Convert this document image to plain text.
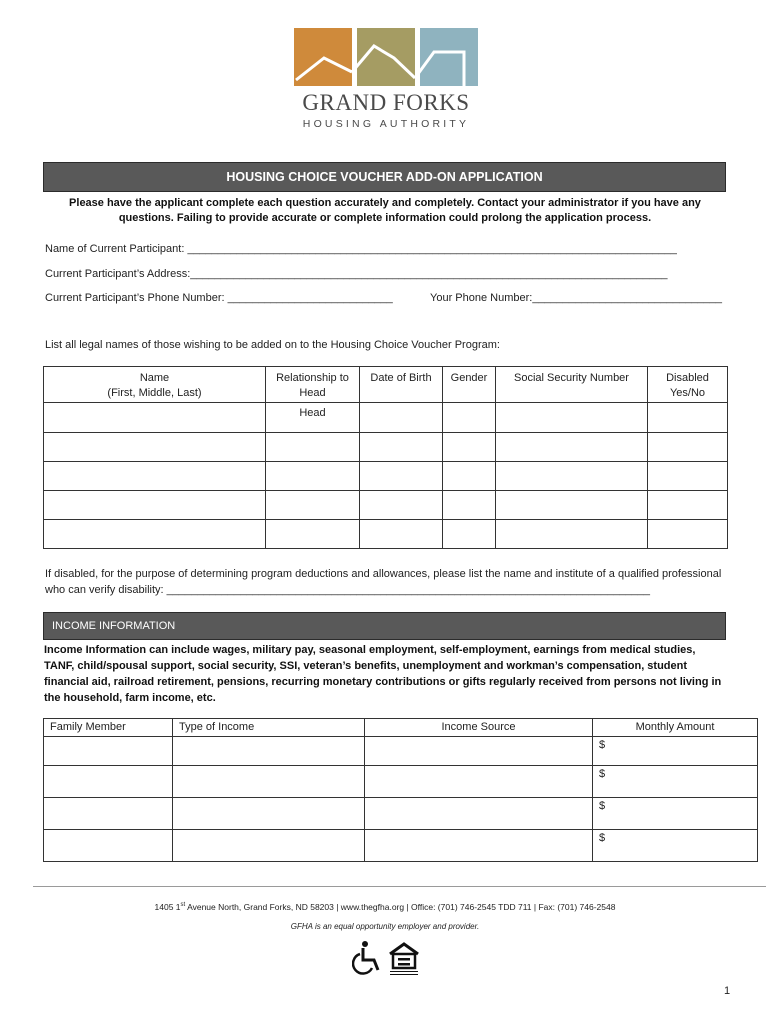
GRAND FORKS
HOUSING AUTHORITY
HOUSING CHOICE VOUCHER ADD-ON APPLICATION
Please have the applicant complete each question accurately and completely. Contact your administrator if you have any questions. Failing to provide accurate or complete information could prolong the application process.
Name of Current Participant: ________________________________________________________________________________
Current Participant’s Address:______________________________________________________________________________
Current Participant’s Phone Number: ___________________________	Your Phone Number:_______________________________
List all legal names of those wishing to be added on to the Housing Choice Voucher Program:
Name
(First, Middle, Last)	Relationship to Head	Date of Birth	Gender	Social Security Number	Disabled Yes/No
	Head				

If disabled, for the purpose of determining program deductions and allowances, please list the name and institute of a qualified professional who can verify disability: _______________________________________________________________________________
INCOME INFORMATION
Income Information can include wages, military pay, seasonal employment, self-employment, earnings from medical studies, TANF, child/spousal support, social security, SSI, veteran’s benefits, unemployment and workman’s compensation, student financial aid, railroad retirement, pensions, recurring monetary contributions or gifts regularly received from persons not living in the household, farm income, etc.
Family Member	Type of Income	Income Source	Monthly Amount
			$
			$
			$
			$
1405 1st Avenue North, Grand Forks, ND 58203 | www.thegfha.org | Office: (701) 746-2545 TDD 711 | Fax: (701) 746-2548
GFHA is an equal opportunity employer and provider.
1
